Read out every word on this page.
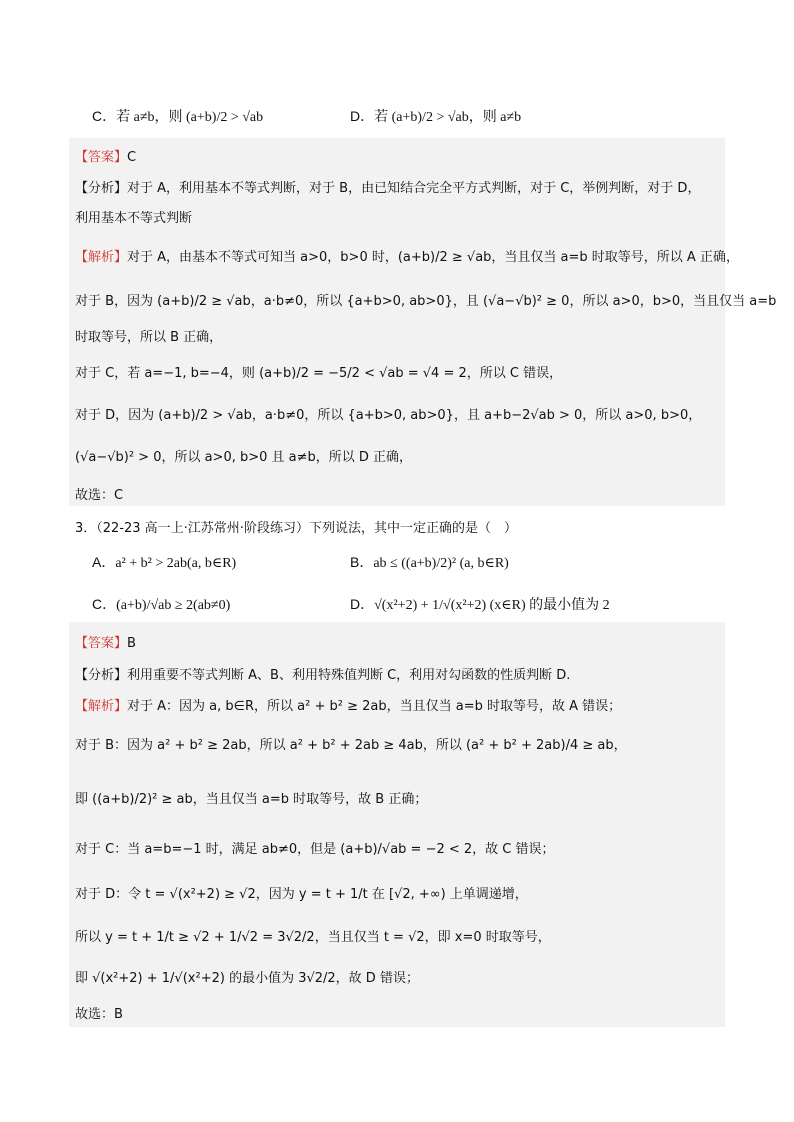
C．若 a≠b，则 (a+b)/2 > √ab	D．若 (a+b)/2 > √ab，则 a≠b
【答案】C
【分析】对于 A，利用基本不等式判断，对于 B，由已知结合完全平方式判断，对于 C，举例判断，对于 D，
利用基本不等式判断
【解析】对于 A，由基本不等式可知当 a>0，b>0 时，(a+b)/2 ≥ √ab，当且仅当 a=b 时取等号，所以 A 正确，
对于 B，因为 (a+b)/2 ≥ √ab，a·b≠0，所以 {a+b>0, ab>0}，且 (√a−√b)² ≥ 0，所以 a>0，b>0，当且仅当 a=b
时取等号，所以 B 正确，
对于 C，若 a=−1, b=−4，则 (a+b)/2 = −5/2 < √ab = √4 = 2，所以 C 错误，
对于 D，因为 (a+b)/2 > √ab，a·b≠0，所以 {a+b>0, ab>0}，且 a+b−2√ab > 0，所以 a>0, b>0，
(√a−√b)² > 0，所以 a>0, b>0 且 a≠b，所以 D 正确，
故选：C
3．（22-23 高一上·江苏常州·阶段练习）下列说法，其中一定正确的是（　）
A．a² + b² > 2ab(a, b∈R)	B．ab ≤ ((a+b)/2)² (a, b∈R)
C．(a+b)/√ab ≥ 2(ab≠0)	D．√(x²+2) + 1/√(x²+2) (x∈R) 的最小值为 2
【答案】B
【分析】利用重要不等式判断 A、B、利用特殊值判断 C，利用对勾函数的性质判断 D.
【解析】对于 A：因为 a, b∈R，所以 a² + b² ≥ 2ab，当且仅当 a=b 时取等号，故 A 错误；
对于 B：因为 a² + b² ≥ 2ab，所以 a² + b² + 2ab ≥ 4ab，所以 (a² + b² + 2ab)/4 ≥ ab，
即 ((a+b)/2)² ≥ ab，当且仅当 a=b 时取等号，故 B 正确；
对于 C：当 a=b=−1 时，满足 ab≠0，但是 (a+b)/√ab = −2 < 2，故 C 错误；
对于 D：令 t = √(x²+2) ≥ √2，因为 y = t + 1/t 在 [√2, +∞) 上单调递增，
所以 y = t + 1/t ≥ √2 + 1/√2 = 3√2/2，当且仅当 t = √2，即 x=0 时取等号，
即 √(x²+2) + 1/√(x²+2) 的最小值为 3√2/2，故 D 错误；
故选：B
